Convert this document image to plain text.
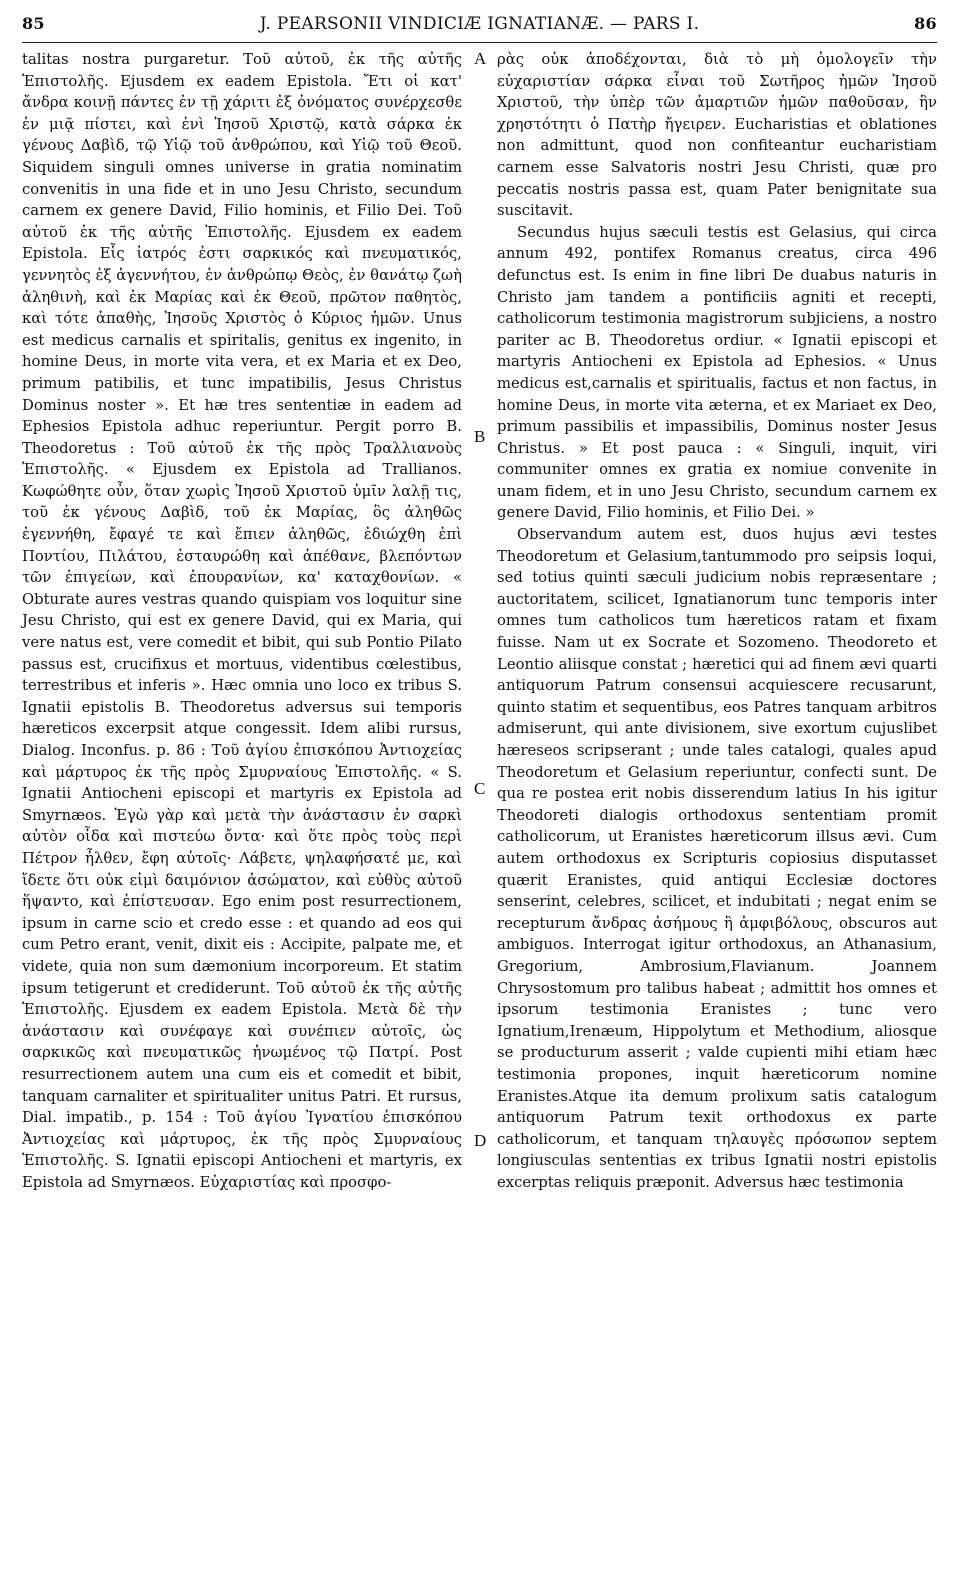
85	J. PEARSONII VINDICIÆ IGNATIANÆ. — PARS I.	86

talitas nostra purgaretur. Τοῦ αὐτοῦ, ἐκ τῆς αὐτῆς Ἐπιστολῆς. Ejusdem ex eadem Epistola. Ἔτι οἱ κατ' ἄνδρα κοινῇ πάντες ἐν τῇ χάριτι ἐξ ὀνόματος συνέρχεσθε ἐν μιᾷ πίστει, καὶ ἐνὶ Ἰησοῦ Χριστῷ, κατὰ σάρκα ἐκ γένους Δαβὶδ, τῷ Υἱῷ τοῦ ἀνθρώπου, καὶ Υἱῷ τοῦ Θεοῦ. Siquidem singuli omnes universe in gratia nominatim convenitis in una fide et in uno Jesu Christo, secundum carnem ex genere David, Filio hominis, et Filio Dei. Τοῦ αὐτοῦ ἐκ τῆς αὐτῆς Ἐπιστολῆς. Ejusdem ex eadem Epistola. Εἷς ἰατρός ἐστι σαρκικός καὶ πνευματικός, γεννητὸς ἐξ ἀγεννήτου, ἐν ἀνθρώπῳ Θεὸς, ἐν θανάτῳ ζωὴ ἀληθινὴ, καὶ ἐκ Μαρίας καὶ ἐκ Θεοῦ, πρῶτον παθητὸς, καὶ τότε ἀπαθὴς, Ἰησοῦς Χριστὸς ὁ Κύριος ἡμῶν. Unus est medicus carnalis et spiritalis, genitus ex ingenito, in homine Deus, in morte vita vera, et ex Maria et ex Deo, primum patibilis, et tunc impatibilis, Jesus Christus Dominus noster ». Et hæ tres sententiæ in eadem ad Ephesios Epistola adhuc reperiuntur. Pergit porro B. Theodoretus : Τοῦ αὐτοῦ ἐκ τῆς πρὸς Τραλλιανοὺς Ἐπιστολῆς. « Ejusdem ex Epistola ad Trallianos. Κωφώθητε οὖν, ὅταν χωρὶς Ἰησοῦ Χριστοῦ ὑμῖν λαλῇ τις, τοῦ ἐκ γένους Δαβὶδ, τοῦ ἐκ Μαρίας, ὃς ἀληθῶς ἐγεννήθη, ἔφαγέ τε καὶ ἔπιεν ἀληθῶς, ἐδιώχθη ἐπὶ Ποντίου, Πιλάτου, ἐσταυρώθη καὶ ἀπέθανε, βλεπόντων τῶν ἐπιγείων, καὶ ἐπουρανίων, κα' καταχθονίων. « Obturate aures vestras quando quispiam vos loquitur sine Jesu Christo, qui est ex genere David, qui ex Maria, qui vere natus est, vere comedit et bibit, qui sub Pontio Pilato passus est, crucifixus et mortuus, videntibus cœlestibus, terrestribus et inferis ». Hæc omnia uno loco ex tribus S. Ignatii epistolis B. Theodoretus adversus sui temporis hæreticos excerpsit atque congessit. Idem alibi rursus, Dialog. Inconfus. p. 86 : Τοῦ ἁγίου ἐπισκόπου Ἀντιοχείας καὶ μάρτυρος ἐκ τῆς πρὸς Σμυρναίους Ἐπιστολῆς. « S. Ignatii Antiocheni episcopi et martyris ex Epistola ad Smyrnæos. Ἐγὼ γὰρ καὶ μετὰ τὴν ἀνάστασιν ἐν σαρκὶ αὐτὸν οἶδα καὶ πιστεύω ὄντα· καὶ ὅτε πρὸς τοὺς περὶ Πέτρον ἦλθεν, ἔφη αὐτοῖς· Λάβετε, ψηλαφήσατέ με, καὶ ἴδετε ὅτι οὐκ εἰμὶ δαιμόνιον ἀσώματον, καὶ εὐθὺς αὐτοῦ ἥψαντο, καὶ ἐπίστευσαν. Ego enim post resurrectionem, ipsum in carne scio et credo esse : et quando ad eos qui cum Petro erant, venit, dixit eis : Accipite, palpate me, et videte, quia non sum dæmonium incorporeum. Et statim ipsum tetigerunt et crediderunt. Τοῦ αὐτοῦ ἐκ τῆς αὐτῆς Ἐπιστολῆς. Ejusdem ex eadem Epistola. Μετὰ δὲ τὴν ἀνάστασιν καὶ συνέφαγε καὶ συνέπιεν αὐτοῖς, ὡς σαρκικῶς καὶ πνευματικῶς ἡνωμένος τῷ Πατρί. Post resurrectionem autem una cum eis et comedit et bibit, tanquam carnaliter et spiritualiter unitus Patri. Et rursus, Dial. impatib., p. 154 : Τοῦ ἁγίου Ἰγνατίου ἐπισκόπου Ἀντιοχείας καὶ μάρτυρος, ἐκ τῆς πρὸς Σμυρναίους Ἐπιστολῆς. S. Ignatii episcopi Antiocheni et martyris, ex Epistola ad Smyrnæos. Εὐχαριστίας καὶ προσφο-

A
B
C
D

ρὰς οὐκ ἀποδέχονται, διὰ τὸ μὴ ὁμολογεῖν τὴν εὐχαριστίαν σάρκα εἶναι τοῦ Σωτῆρος ἡμῶν Ἰησοῦ Χριστοῦ, τὴν ὑπὲρ τῶν ἁμαρτιῶν ἡμῶν παθοῦσαν, ἣν χρηστότητι ὁ Πατὴρ ἤγειρεν. Eucharistias et oblationes non admittunt, quod non confiteantur eucharistiam carnem esse Salvatoris nostri Jesu Christi, quæ pro peccatis nostris passa est, quam Pater benignitate sua suscitavit.

Secundus hujus sæculi testis est Gelasius, qui circa annum 492, pontifex Romanus creatus, circa 496 defunctus est. Is enim in fine libri De duabus naturis in Christo jam tandem a pontificiis agniti et recepti, catholicorum testimonia magistrorum subjiciens, a nostro pariter ac B. Theodoretus ordiur. « Ignatii episcopi et martyris Antiocheni ex Epistola ad Ephesios. « Unus medicus est,carnalis et spiritualis, factus et non factus, in homine Deus, in morte vita æterna, et ex Mariaet ex Deo, primum passibilis et impassibilis, Dominus noster Jesus Christus. » Et post pauca : « Singuli, inquit, viri communiter omnes ex gratia ex nomiue convenite in unam fidem, et in uno Jesu Christo, secundum carnem ex genere David, Filio hominis, et Filio Dei. »

Observandum autem est, duos hujus ævi testes Theodoretum et Gelasium,tantummodo pro seipsis loqui, sed totius quinti sæculi judicium nobis repræsentare ; auctoritatem, scilicet, Ignatianorum tunc temporis inter omnes tum catholicos tum hæreticos ratam et fixam fuisse. Nam ut ex Socrate et Sozomeno. Theodoreto et Leontio aliisque constat ; hæretici qui ad finem ævi quarti antiquorum Patrum consensui acquiescere recusarunt, quinto statim et sequentibus, eos Patres tanquam arbitros admiserunt, qui ante divisionem, sive exortum cujuslibet hæreseos scripserant ; unde tales catalogi, quales apud Theodoretum et Gelasium reperiuntur, confecti sunt. De qua re postea erit nobis disserendum latius In his igitur Theodoreti dialogis orthodoxus sententiam promit catholicorum, ut Eranistes hæreticorum illsus ævi. Cum autem orthodoxus ex Scripturis copiosius disputasset quærit Eranistes, quid antiqui Ecclesiæ doctores senserint, celebres, scilicet, et indubitati ; negat enim se recepturum ἄνδρας ἀσήμους ἢ ἀμφιβόλους, obscuros aut ambiguos. Interrogat igitur orthodoxus, an Athanasium, Gregorium, Ambrosium,Flavianum. Joannem Chrysostomum pro talibus habeat ; admittit hos omnes et ipsorum testimonia Eranistes ; tunc vero Ignatium,Irenæum, Hippolytum et Methodium, aliosque se producturum asserit ; valde cupienti mihi etiam hæc testimonia propones, inquit hæreticorum nomine Eranistes.Atque ita demum prolixum satis catalogum antiquorum Patrum texit orthodoxus ex parte catholicorum, et tanquam τηλαυγὲς πρόσωπον septem longiusculas sententias ex tribus Ignatii nostri epistolis excerptas reliquis præponit. Adversus hæc testimonia
